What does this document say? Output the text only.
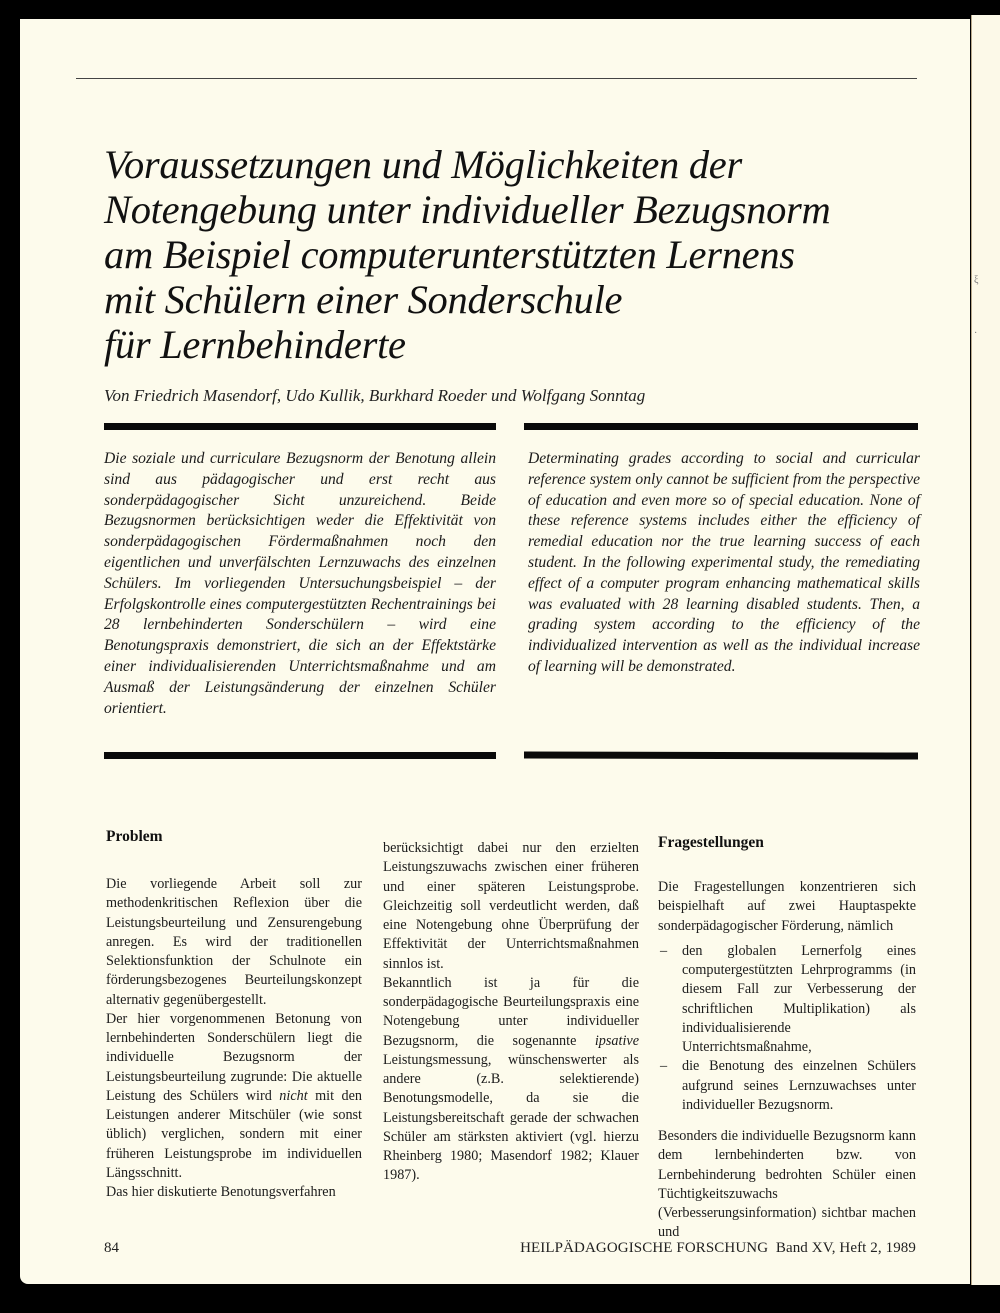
Voraussetzungen und Möglichkeiten der
Notengebung unter individueller Bezugsnorm
am Beispiel computerunterstützten Lernens
mit Schülern einer Sonderschule
für Lernbehinderte
Von Friedrich Masendorf, Udo Kullik, Burkhard Roeder und Wolfgang Sonntag
Die soziale und curriculare Bezugsnorm der Benotung allein sind aus pädagogischer und erst recht aus sonderpädagogischer Sicht unzureichend. Beide Bezugsnormen berücksichtigen weder die Effektivität von sonderpädagogischen Fördermaßnahmen noch den eigentlichen und unverfälschten Lernzuwachs des einzelnen Schülers. Im vorliegenden Untersuchungsbeispiel – der Erfolgskontrolle eines computergestützten Rechentrainings bei 28 lernbehinderten Sonderschülern – wird eine Benotungspraxis demonstriert, die sich an der Effektstärke einer individualisierenden Unterrichtsmaßnahme und am Ausmaß der Leistungsänderung der einzelnen Schüler orientiert.
Determinating grades according to social and curricular reference system only cannot be sufficient from the perspective of education and even more so of special education. None of these reference systems includes either the efficiency of remedial education nor the true learning success of each student. In the following experimental study, the remediating effect of a computer program enhancing mathematical skills was evaluated with 28 learning disabled students. Then, a grading system according to the efficiency of the individualized intervention as well as the individual increase of learning will be demonstrated.
Problem

Die vorliegende Arbeit soll zur methodenkritischen Reflexion über die Leistungsbeurteilung und Zensurengebung anregen. Es wird der traditionellen Selektionsfunktion der Schulnote ein förderungsbezogenes Beurteilungskonzept alternativ gegenübergestellt.

Der hier vorgenommenen Betonung von lernbehinderten Sonderschülern liegt die individuelle Bezugsnorm der Leistungsbeurteilung zugrunde: Die aktuelle Leistung des Schülers wird nicht mit den Leistungen anderer Mitschüler (wie sonst üblich) verglichen, sondern mit einer früheren Leistungsprobe im individuellen Längsschnitt.

Das hier diskutierte Benotungsverfahren

berücksichtigt dabei nur den erzielten Leistungszuwachs zwischen einer früheren und einer späteren Leistungsprobe. Gleichzeitig soll verdeutlicht werden, daß eine Notengebung ohne Überprüfung der Effektivität der Unterrichtsmaßnahmen sinnlos ist.

Bekanntlich ist ja für die sonderpädagogische Beurteilungspraxis eine Notengebung unter individueller Bezugsnorm, die sogenannte ipsative Leistungsmessung, wünschenswerter als andere (z.B. selektierende) Benotungsmodelle, da sie die Leistungsbereitschaft gerade der schwachen Schüler am stärksten aktiviert (vgl. hierzu Rheinberg 1980; Masendorf 1982; Klauer 1987).

Fragestellungen

Die Fragestellungen konzentrieren sich beispielhaft auf zwei Hauptaspekte sonderpädagogischer Förderung, nämlich

– den globalen Lernerfolg eines computergestützten Lehrprogramms (in diesem Fall zur Verbesserung der schriftlichen Multiplikation) als individualisierende Unterrichtsmaßnahme,
– die Benotung des einzelnen Schülers aufgrund seines Lernzuwachses unter individueller Bezugsnorm.

Besonders die individuelle Bezugsnorm kann dem lernbehinderten bzw. von Lernbehinderung bedrohten Schüler einen Tüchtigkeitszuwachs (Verbesserungsinformation) sichtbar machen und

84	HEILPÄDAGOGISCHE FORSCHUNG  Band XV, Heft 2, 1989
ξ
·
